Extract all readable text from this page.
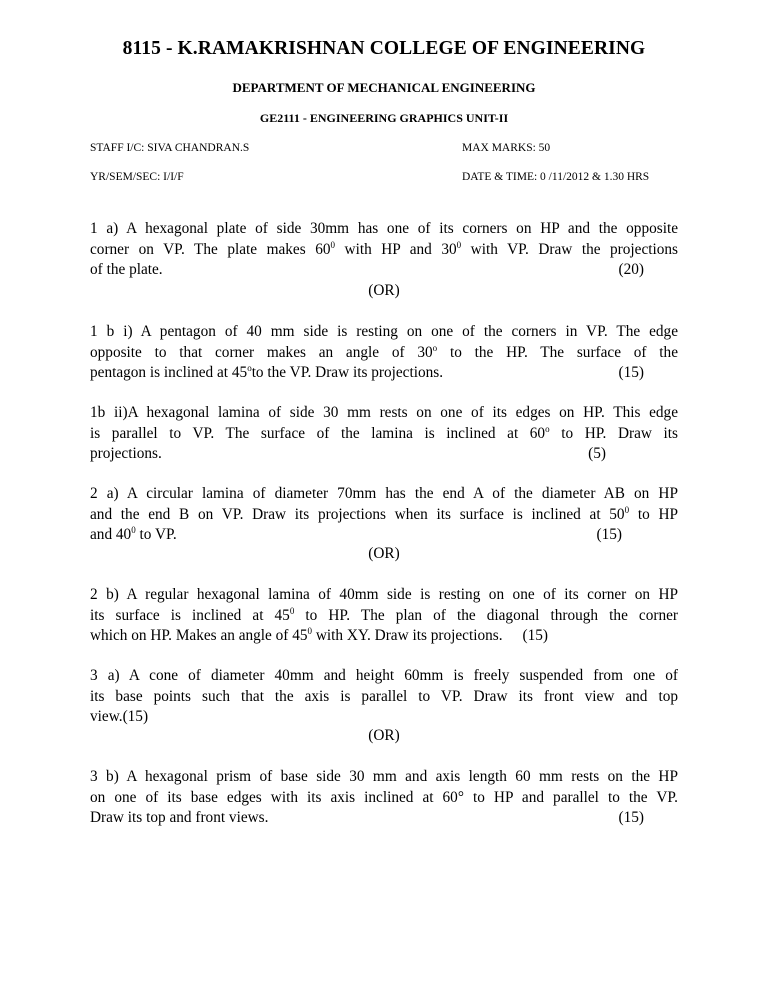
8115 - K.RAMAKRISHNAN COLLEGE OF ENGINEERING
DEPARTMENT OF MECHANICAL ENGINEERING
GE2111 - ENGINEERING GRAPHICS UNIT-II
STAFF I/C: SIVA CHANDRAN.S	MAX MARKS: 50
YR/SEM/SEC: I/I/F	DATE & TIME: 0 /11/2012 & 1.30 HRS
1 a) A hexagonal plate of side 30mm has one of its corners on HP and the opposite
corner on VP. The plate makes $60^0$ with HP and $30^0$ with VP. Draw the projections
of the plate.	(20)
(OR)
1 b i) A pentagon of 40 mm side is resting on one of the corners in VP. The edge
opposite to that corner makes an angle of 30$^o$ to the HP. The surface of the
pentagon is inclined at 45$^o$to the VP. Draw its projections.	(15)
1b ii)A hexagonal lamina of side 30 mm rests on one of its edges on HP. This edge
is parallel to VP. The surface of the lamina is inclined at 60$^o$ to HP. Draw its
projections.	(5)
2 a) A circular lamina of diameter 70mm has the end A of the diameter AB on HP
and the end B on VP. Draw its projections when its surface is inclined at $50^0$ to HP
and $40^0$ to VP.	(15)
(OR)
2 b) A regular hexagonal lamina of 40mm side is resting on one of its corner on HP
its surface is inclined at $45^0$ to HP. The plan of the diagonal through the corner
which on HP. Makes an angle of $45^0$ with XY. Draw its projections. (15)
3 a) A cone of diameter 40mm and height 60mm is freely suspended from one of
its base points such that the axis is parallel to VP. Draw its front view and top
view.(15)
(OR)
3 b) A hexagonal prism of base side 30 mm and axis length 60 mm rests on the HP
on one of its base edges with its axis inclined at 60° to HP and parallel to the VP.
Draw its top and front views.	(15)
